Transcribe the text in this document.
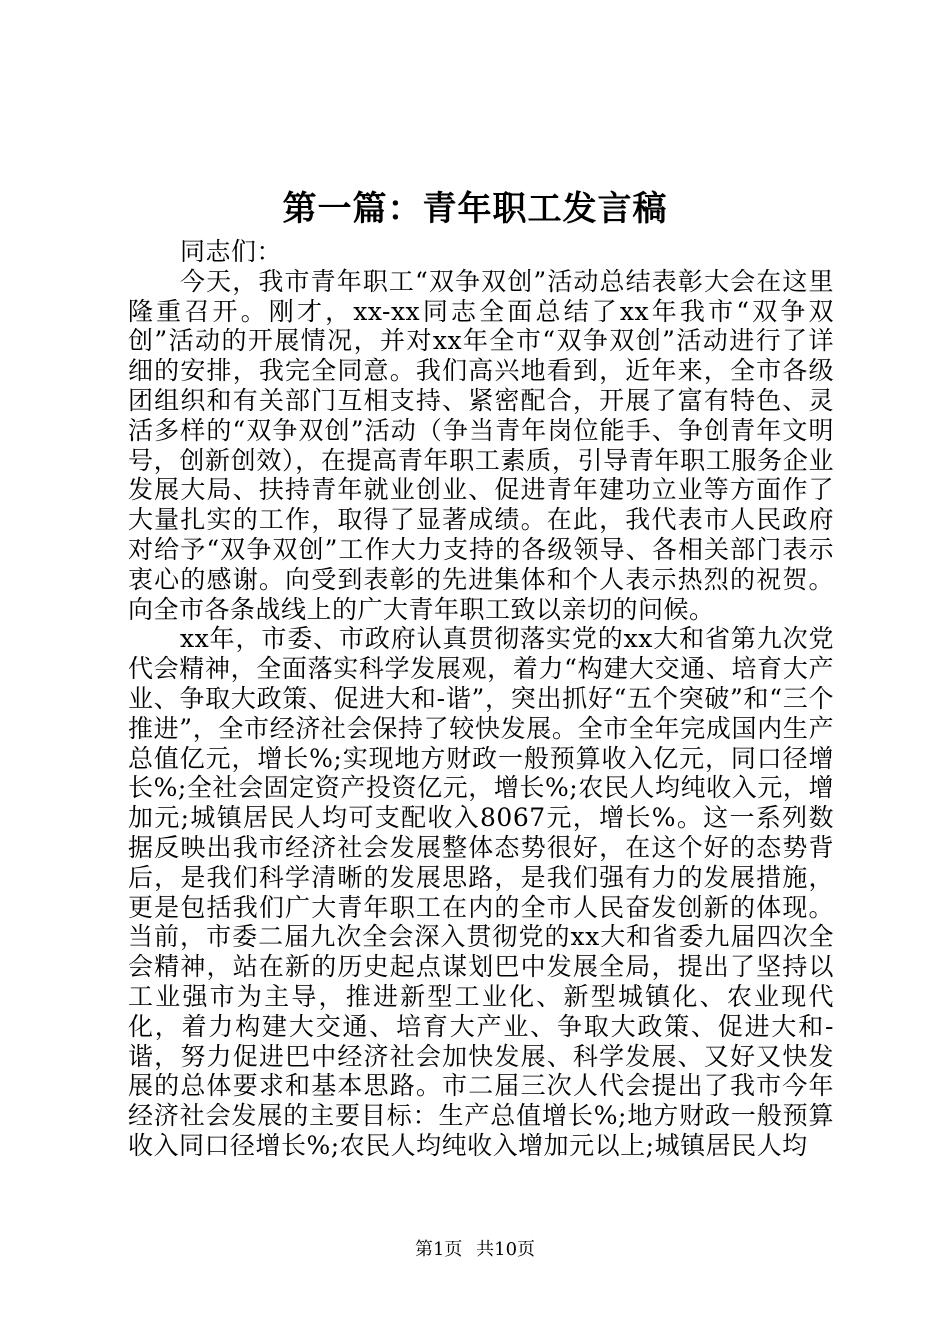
第一篇：青年职工发言稿

同志们：

今天，我市青年职工“双争双创”活动总结表彰大会在这里隆重召开。刚才，xx-xx同志全面总结了xx年我市“双争双创”活动的开展情况，并对xx年全市“双争双创”活动进行了详细的安排，我完全同意。我们高兴地看到，近年来，全市各级团组织和有关部门互相支持、紧密配合，开展了富有特色、灵活多样的“双争双创”活动（争当青年岗位能手、争创青年文明号，创新创效），在提高青年职工素质，引导青年职工服务企业发展大局、扶持青年就业创业、促进青年建功立业等方面作了大量扎实的工作，取得了显著成绩。在此，我代表市人民政府对给予“双争双创”工作大力支持的各级领导、各相关部门表示衷心的感谢。向受到表彰的先进集体和个人表示热烈的祝贺。向全市各条战线上的广大青年职工致以亲切的问候。

xx年，市委、市政府认真贯彻落实党的xx大和省第九次党代会精神，全面落实科学发展观，着力“构建大交通、培育大产业、争取大政策、促进大和-谐”，突出抓好“五个突破”和“三个推进”，全市经济社会保持了较快发展。全市全年完成国内生产总值亿元，增长%;实现地方财政一般预算收入亿元，同口径增长%;全社会固定资产投资亿元，增长%;农民人均纯收入元，增加元;城镇居民人均可支配收入8067元，增长%。这一系列数据反映出我市经济社会发展整体态势很好，在这个好的态势背后，是我们科学清晰的发展思路，是我们强有力的发展措施，更是包括我们广大青年职工在内的全市人民奋发创新的体现。当前，市委二届九次全会深入贯彻党的xx大和省委九届四次全会精神，站在新的历史起点谋划巴中发展全局，提出了坚持以工业强市为主导，推进新型工业化、新型城镇化、农业现代化，着力构建大交通、培育大产业、争取大政策、促进大和-谐，努力促进巴中经济社会加快发展、科学发展、又好又快发展的总体要求和基本思路。市二届三次人代会提出了我市今年经济社会发展的主要目标：生产总值增长%;地方财政一般预算收入同口径增长%;农民人均纯收入增加元以上;城镇居民人均

第1页 共10页
